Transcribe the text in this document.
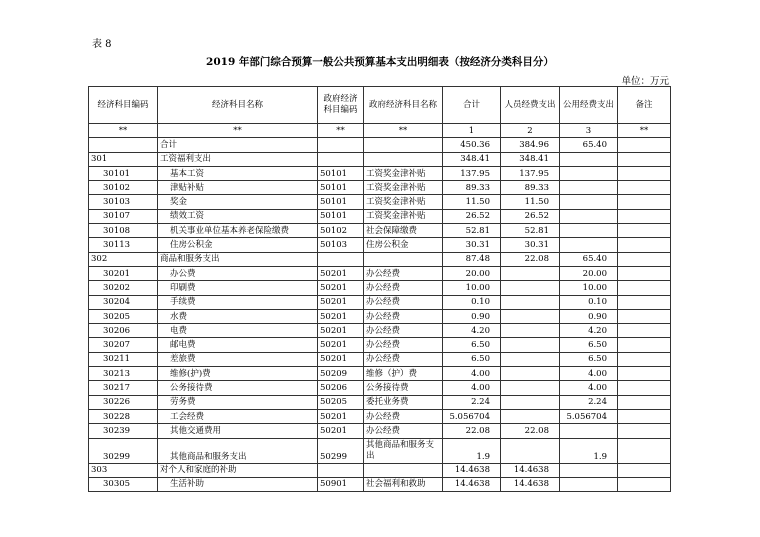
表 8
2019 年部门综合预算一般公共预算基本支出明细表（按经济分类科目分）
单位：万元
经济科目编码	经济科目名称	政府经济科目编码	政府经济科目名称	合计	人员经费支出	公用经费支出	备注
**	**	**	**	1	2	3	**
	合计			450.36	384.96	65.40	
301	工资福利支出			348.41	348.41		
30101	基本工资	50101	工资奖金津补贴	137.95	137.95		
30102	津贴补贴	50101	工资奖金津补贴	89.33	89.33		
30103	奖金	50101	工资奖金津补贴	11.50	11.50		
30107	绩效工资	50101	工资奖金津补贴	26.52	26.52		
30108	机关事业单位基本养老保险缴费	50102	社会保障缴费	52.81	52.81		
30113	住房公积金	50103	住房公积金	30.31	30.31		
302	商品和服务支出			87.48	22.08	65.40	
30201	办公费	50201	办公经费	20.00		20.00	
30202	印刷费	50201	办公经费	10.00		10.00	
30204	手续费	50201	办公经费	0.10		0.10	
30205	水费	50201	办公经费	0.90		0.90	
30206	电费	50201	办公经费	4.20		4.20	
30207	邮电费	50201	办公经费	6.50		6.50	
30211	差旅费	50201	办公经费	6.50		6.50	
30213	维修(护)费	50209	维修（护）费	4.00		4.00	
30217	公务接待费	50206	公务接待费	4.00		4.00	
30226	劳务费	50205	委托业务费	2.24		2.24	
30228	工会经费	50201	办公经费	5.056704		5.056704	
30239	其他交通费用	50201	办公经费	22.08	22.08		
30299	其他商品和服务支出	50299	其他商品和服务支出	1.9		1.9	
303	对个人和家庭的补助			14.4638	14.4638		
30305	生活补助	50901	社会福利和救助	14.4638	14.4638		
